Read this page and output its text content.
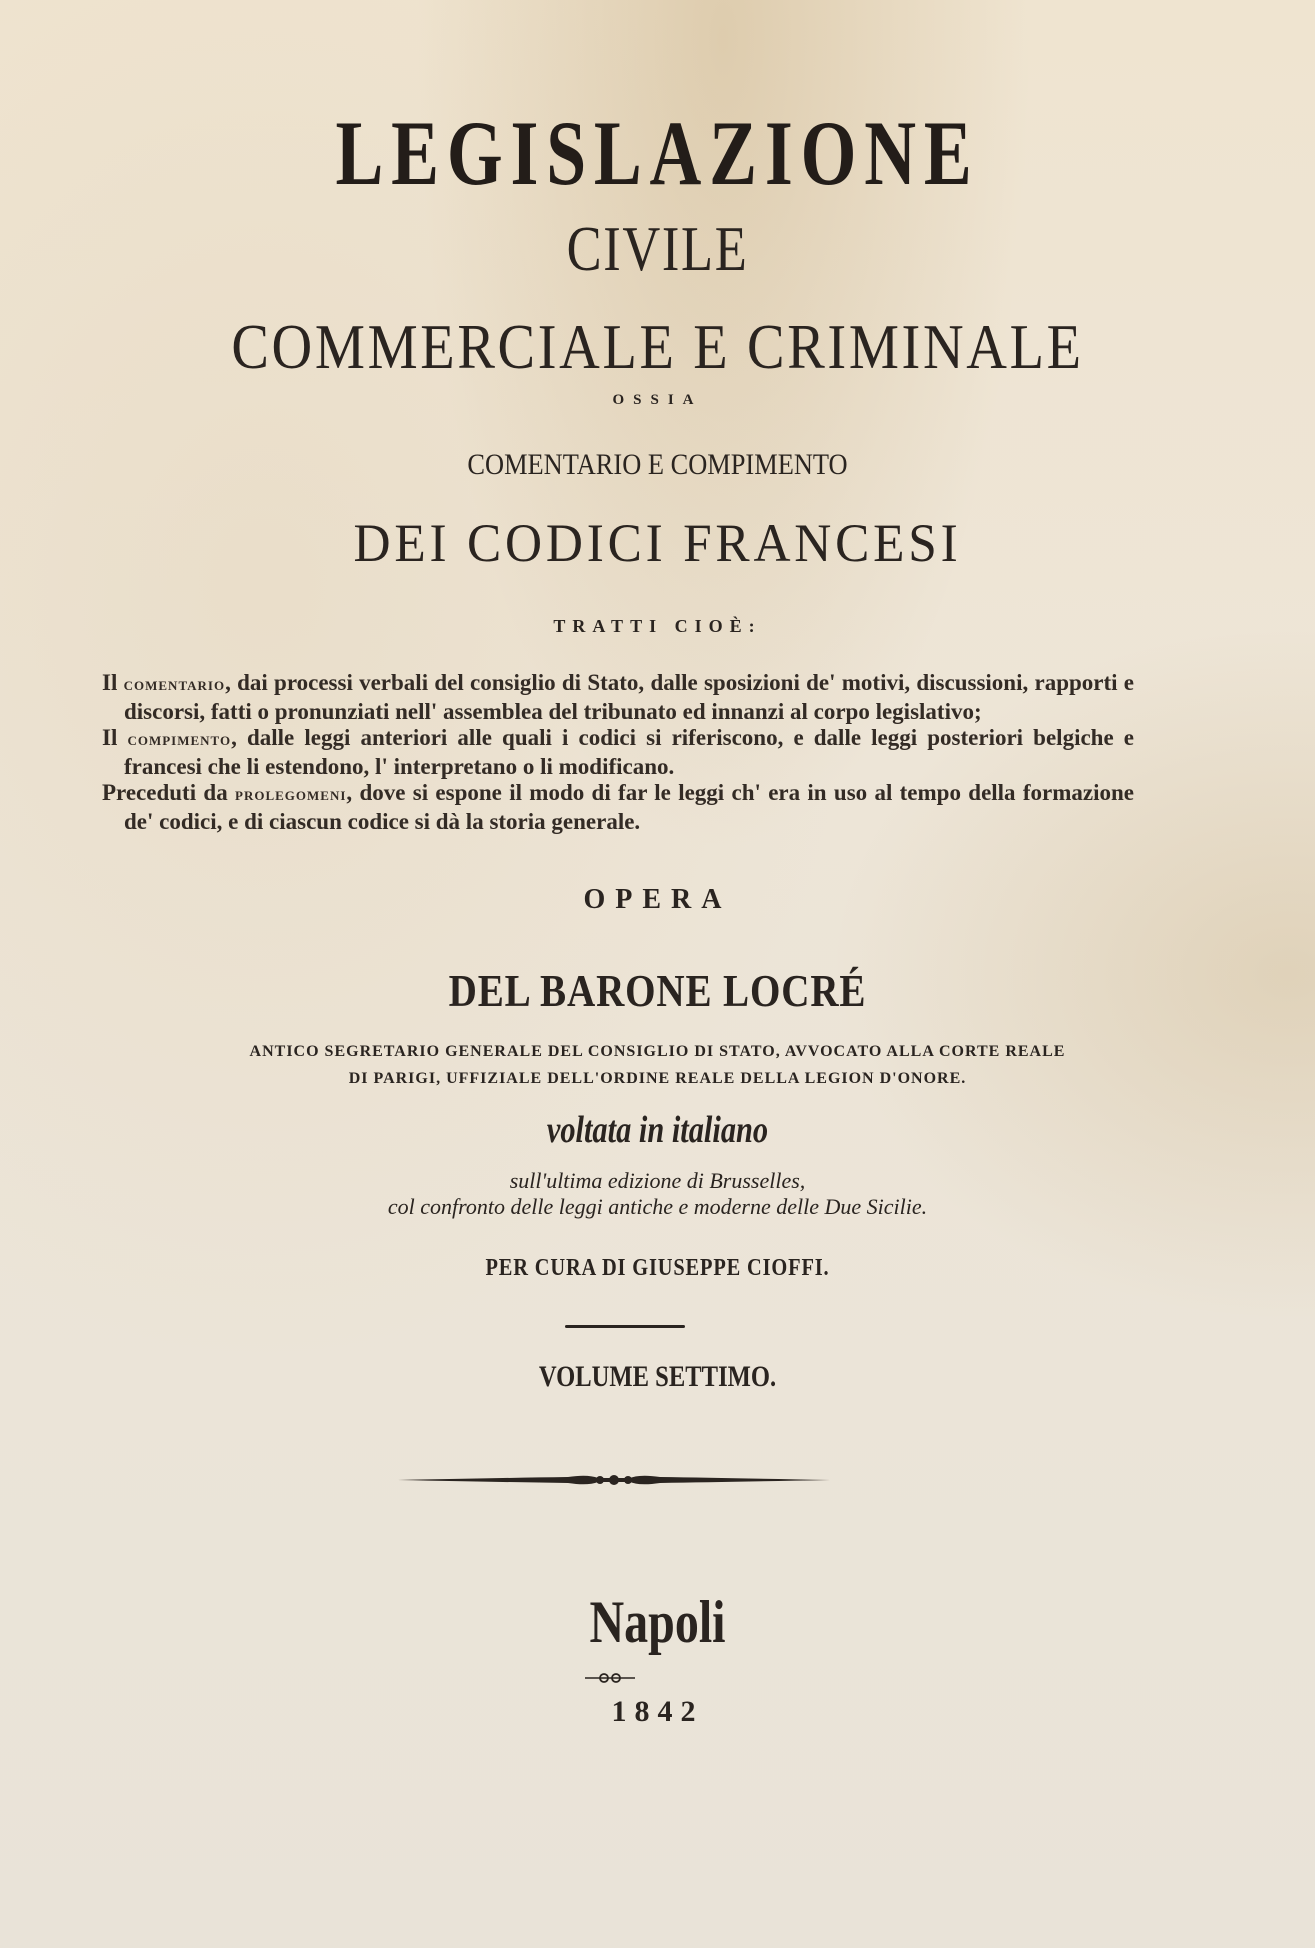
LEGISLAZIONE
CIVILE
COMMERCIALE E CRIMINALE
OSSIA
COMENTARIO E COMPIMENTO
DEI CODICI FRANCESI
TRATTI CIOÈ:
Il comentario, dai processi verbali del consiglio di Stato, dalle sposizioni de' motivi, discussioni, rapporti e discorsi, fatti o pronunziati nell' assemblea del tribunato ed innanzi al corpo legislativo;
Il compimento, dalle leggi anteriori alle quali i codici si riferiscono, e dalle leggi posteriori belgiche e francesi che li estendono, l' interpretano o li modificano.
Preceduti da prolegomeni, dove si espone il modo di far le leggi ch' era in uso al tempo della formazione de' codici, e di ciascun codice si dà la storia generale.
OPERA
DEL BARONE LOCRÉ
ANTICO SEGRETARIO GENERALE DEL CONSIGLIO DI STATO, AVVOCATO ALLA CORTE REALE
DI PARIGI, UFFIZIALE DELL'ORDINE REALE DELLA LEGION D'ONORE.
voltata in italiano
sull'ultima edizione di Brusselles,
col confronto delle leggi antiche e moderne delle Due Sicilie.
PER CURA DI GIUSEPPE CIOFFI.
VOLUME SETTIMO.
Napoli
1842
